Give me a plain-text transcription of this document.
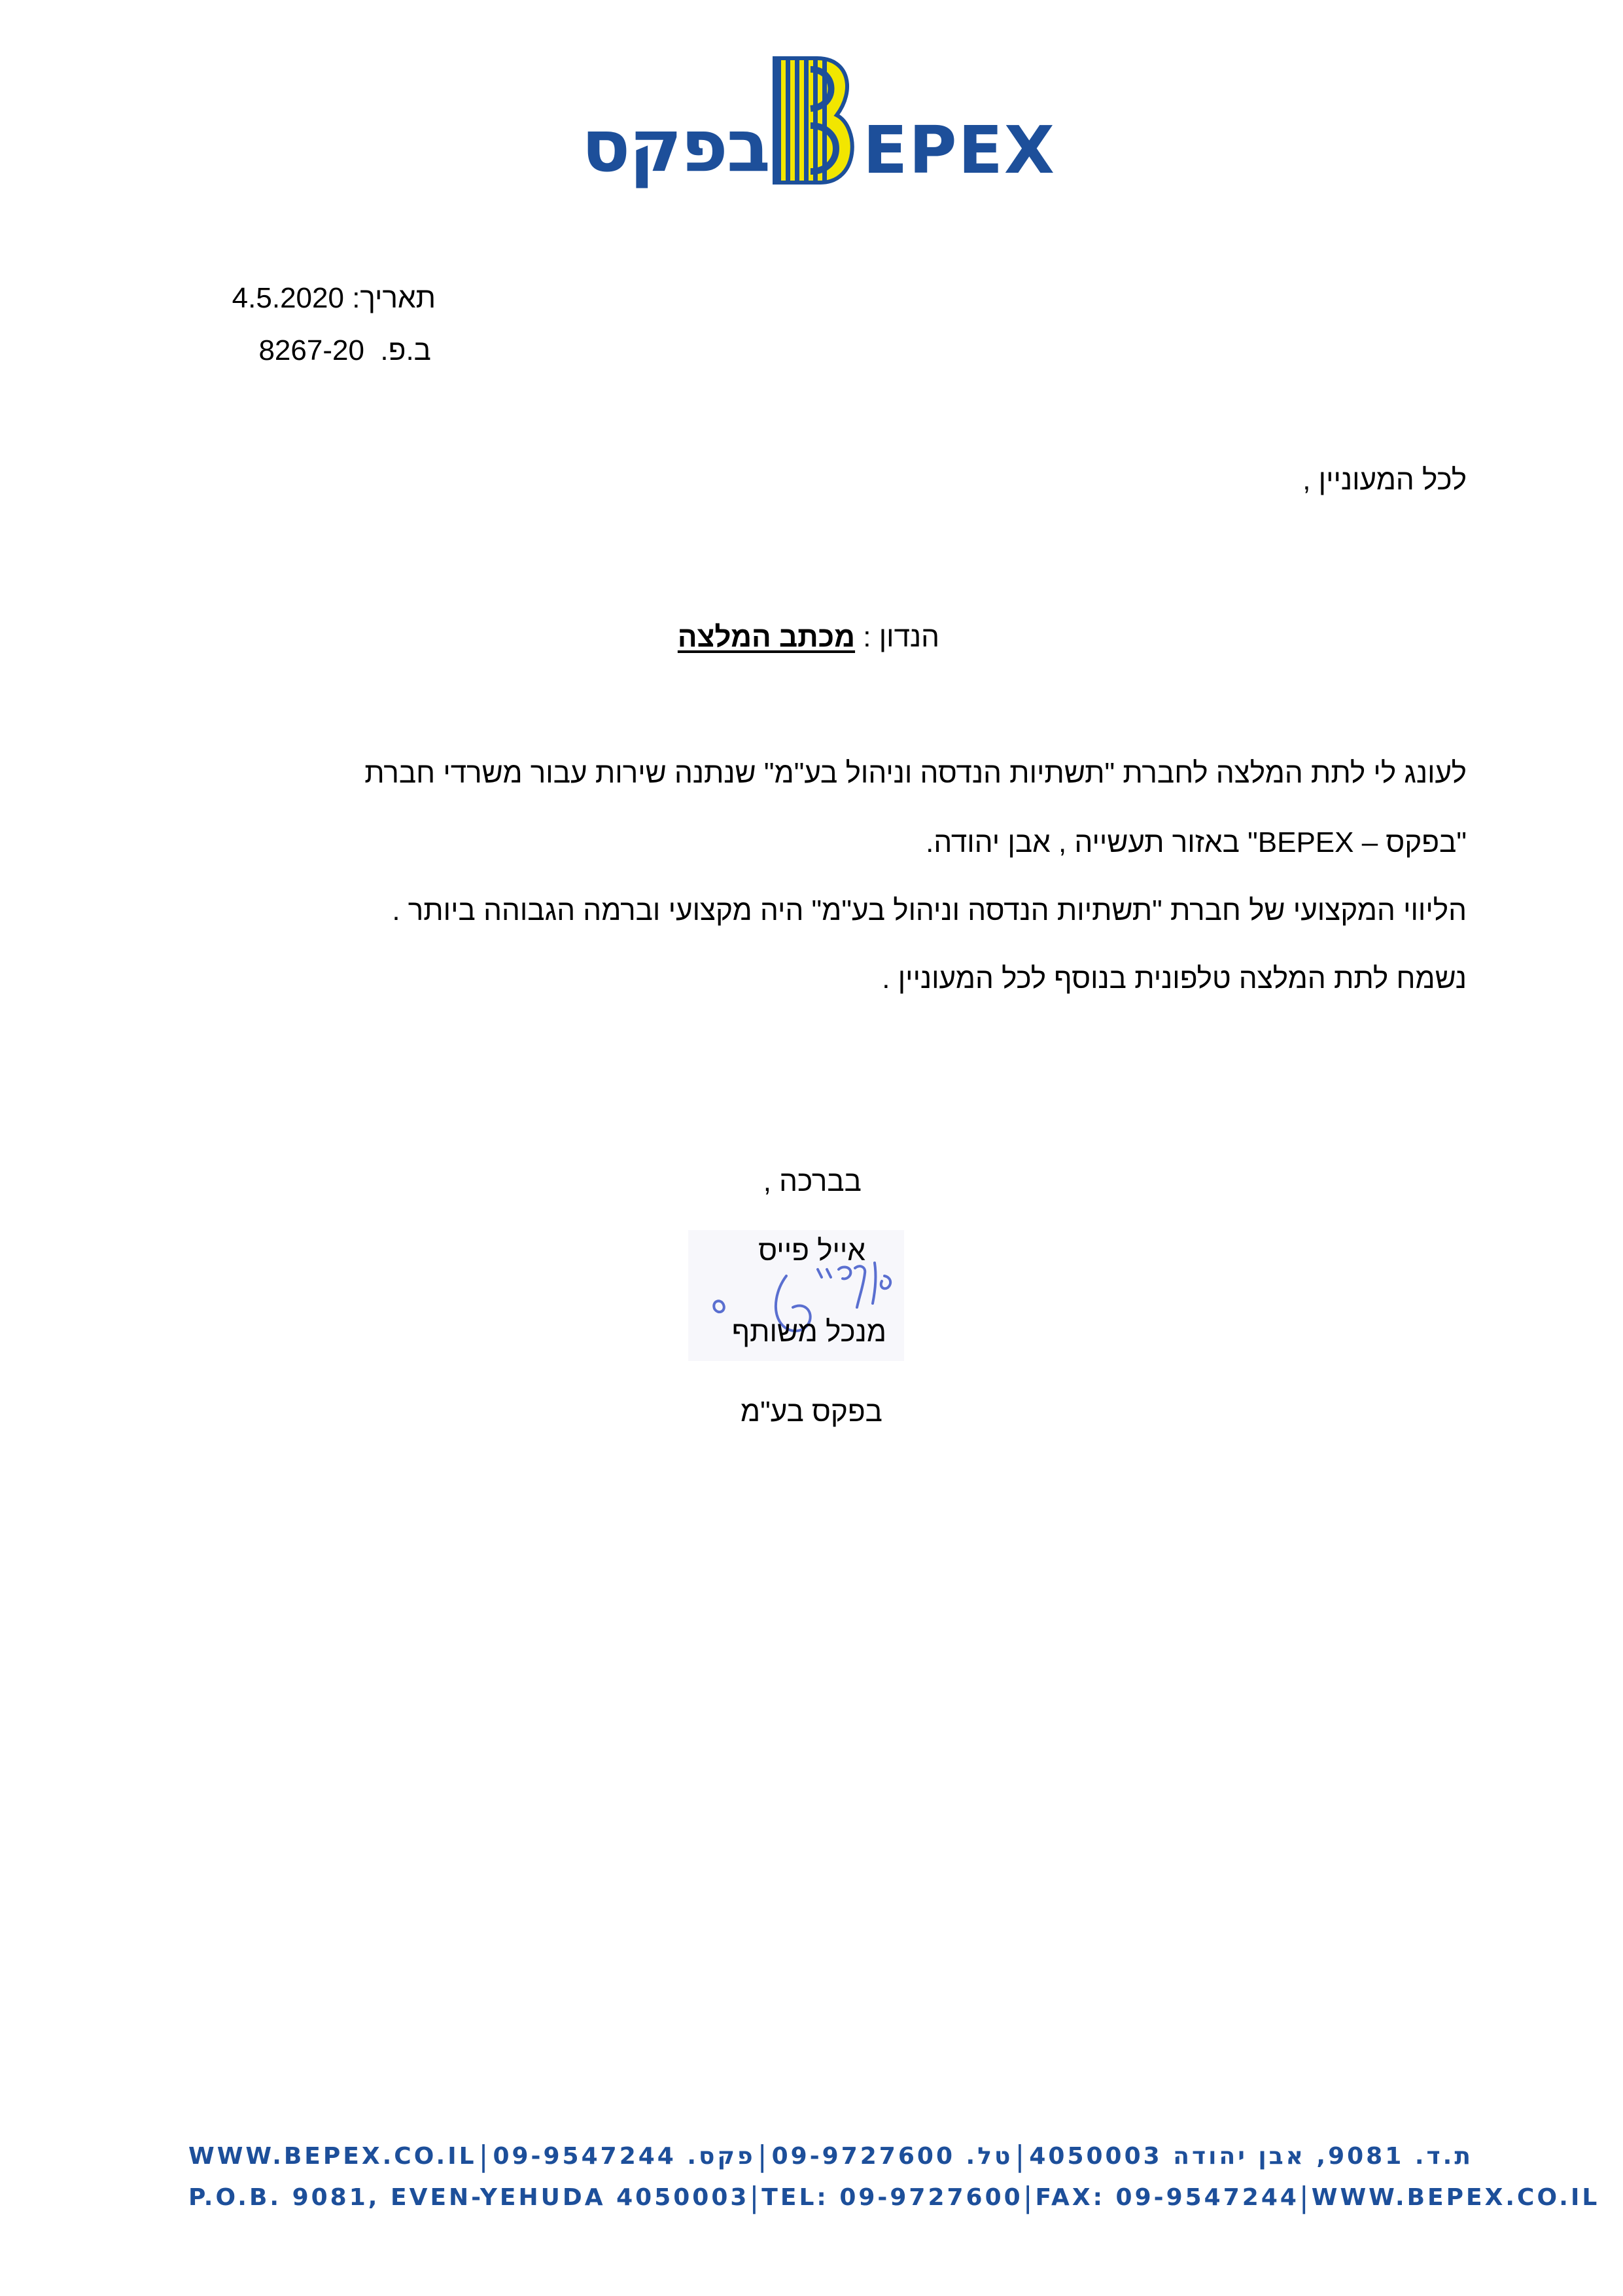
בפקס EPEX
תאריך: 4.5.2020
ב.פ.  8267-20
לכל המעוניין ,
הנדון : מכתב המלצה
לעונג לי לתת המלצה לחברת "תשתיות הנדסה וניהול בע"מ" שנתנה שירות עבור משרדי חברת
"בפקס – BEPEX" באזור תעשייה , אבן יהודה.
הליווי המקצועי של חברת "תשתיות הנדסה וניהול בע"מ" היה מקצועי וברמה הגבוהה ביותר .
נשמח לתת המלצה טלפונית בנוסף לכל המעוניין .
בברכה ,
אייל פייס
מנכל משותף
בפקס בע"מ
WWW.BEPEX.CO.IL | פקס. 09-9547244 | טל. 09-9727600 | ת.ד. 9081, אבן יהודה 4050003
P.O.B. 9081, EVEN-YEHUDA 4050003 | TEL: 09-9727600 | FAX: 09-9547244 | WWW.BEPEX.CO.IL
